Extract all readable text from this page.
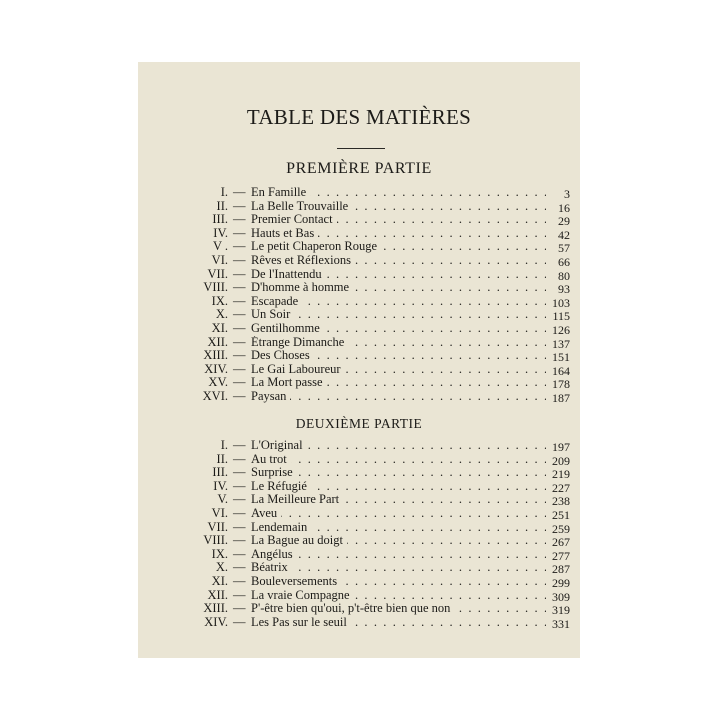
TABLE DES MATIÈRES
PREMIÈRE PARTIE
I. — En Famille . . .	3
II. — La Belle Trouvaille . . .	16
III. — Premier Contact . . .	29
IV. — Hauts et Bas . . .	42
V . — Le petit Chaperon Rouge . . .	57
VI. — Rêves et Réflexions . . .	66
VII. — De l'Inattendu . . .	80
VIII. — D'homme à homme . . .	93
IX. — Escapade . . .	103
X. — Un Soir . . .	115
XI. — Gentilhomme . . .	126
XII. — Étrange Dimanche . . .	137
XIII. — Des Choses . . .	151
XIV. — Le Gai Laboureur . . .	164
XV. — La Mort passe . . .	178
XVI. — Paysan . . .	187
DEUXIÈME PARTIE
I. — L'Original . . .	197
II. — Au trot . . .	209
III. — Surprise . . .	219
IV. — Le Réfugié . . .	227
V. — La Meilleure Part . . .	238
VI. — Aveu . . .	251
VII. — Lendemain . . .	259
VIII. — La Bague au doigt . . .	267
IX. — Angélus . . .	277
X. — Béatrix . . .	287
XI. — Bouleversements . . .	299
XII. — La vraie Compagne . . .	309
XIII. — P'-être bien qu'oui, p't-être bien que non . . .	319
XIV. — Les Pas sur le seuil . . .	331
